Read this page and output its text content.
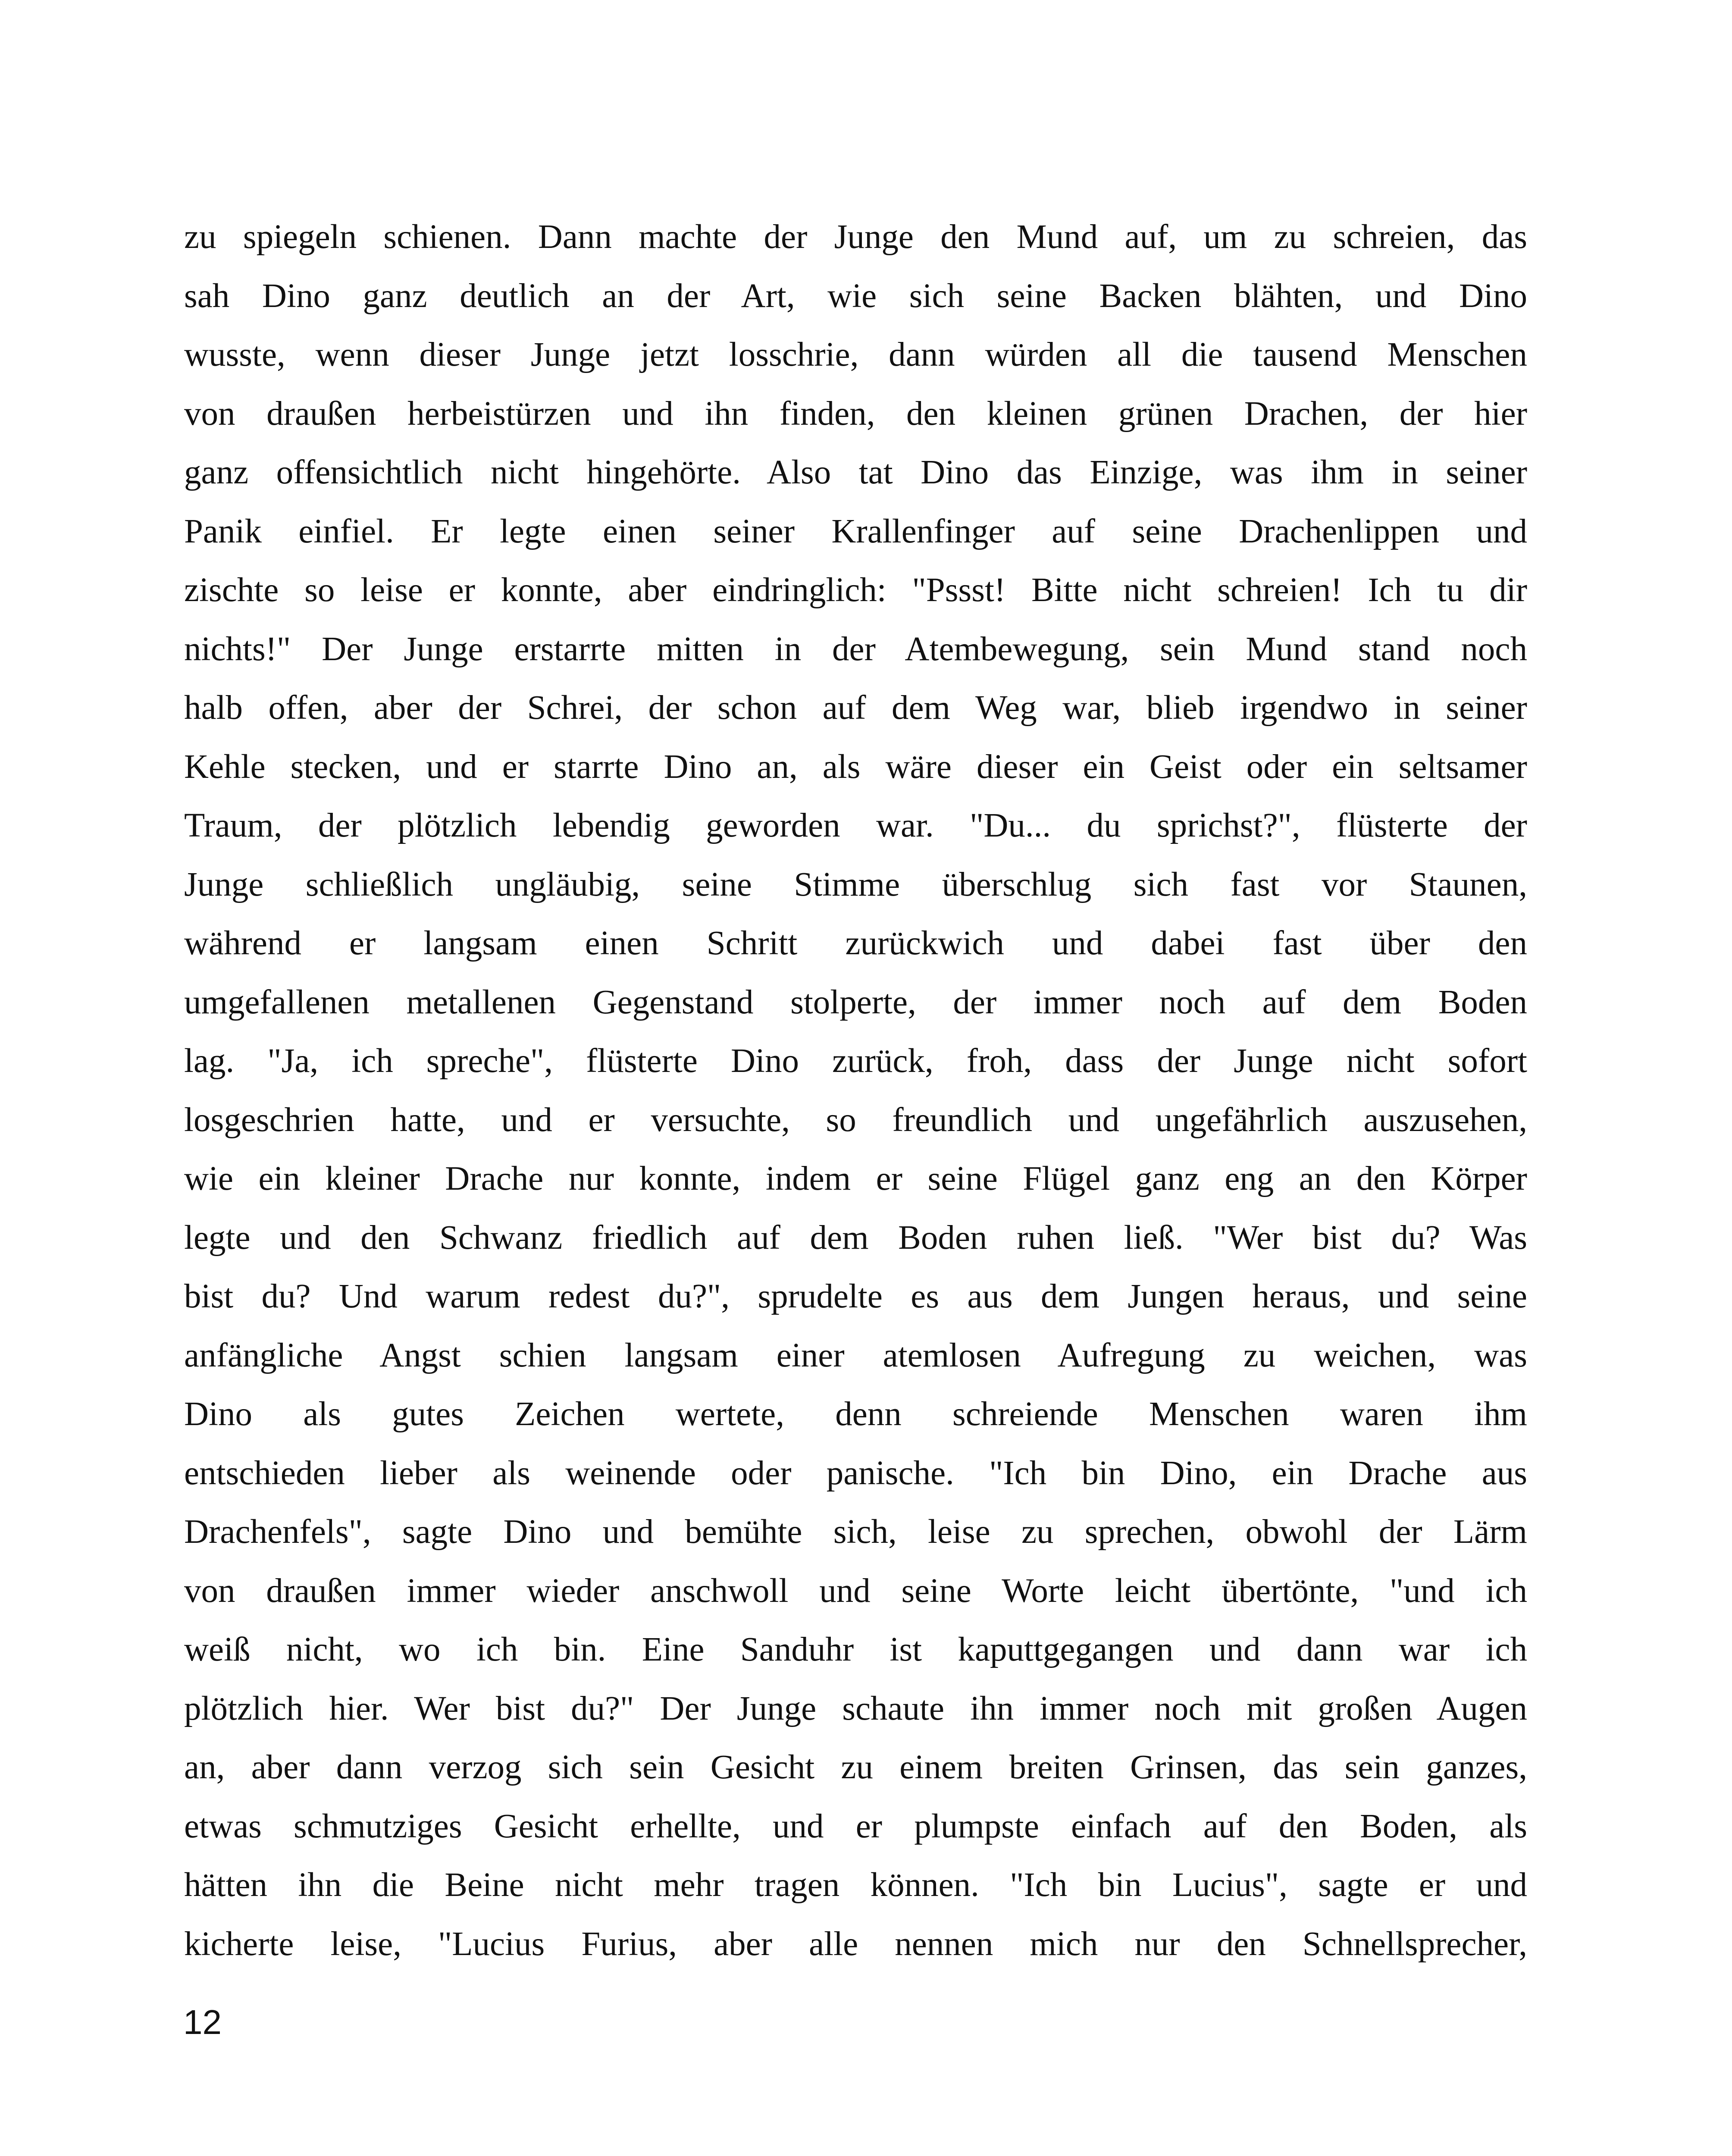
zu spiegeln schienen. Dann machte der Junge den Mund auf, um zu schreien, das
sah Dino ganz deutlich an der Art, wie sich seine Backen blähten, und Dino
wusste, wenn dieser Junge jetzt losschrie, dann würden all die tausend Menschen
von draußen herbeistürzen und ihn finden, den kleinen grünen Drachen, der hier
ganz offensichtlich nicht hingehörte. Also tat Dino das Einzige, was ihm in seiner
Panik einfiel. Er legte einen seiner Krallenfinger auf seine Drachenlippen und
zischte so leise er konnte, aber eindringlich: "Pssst! Bitte nicht schreien! Ich tu dir
nichts!" Der Junge erstarrte mitten in der Atembewegung, sein Mund stand noch
halb offen, aber der Schrei, der schon auf dem Weg war, blieb irgendwo in seiner
Kehle stecken, und er starrte Dino an, als wäre dieser ein Geist oder ein seltsamer
Traum, der plötzlich lebendig geworden war. "Du... du sprichst?", flüsterte der
Junge schließlich ungläubig, seine Stimme überschlug sich fast vor Staunen,
während er langsam einen Schritt zurückwich und dabei fast über den
umgefallenen metallenen Gegenstand stolperte, der immer noch auf dem Boden
lag. "Ja, ich spreche", flüsterte Dino zurück, froh, dass der Junge nicht sofort
losgeschrien hatte, und er versuchte, so freundlich und ungefährlich auszusehen,
wie ein kleiner Drache nur konnte, indem er seine Flügel ganz eng an den Körper
legte und den Schwanz friedlich auf dem Boden ruhen ließ. "Wer bist du? Was
bist du? Und warum redest du?", sprudelte es aus dem Jungen heraus, und seine
anfängliche Angst schien langsam einer atemlosen Aufregung zu weichen, was
Dino als gutes Zeichen wertete, denn schreiende Menschen waren ihm
entschieden lieber als weinende oder panische. "Ich bin Dino, ein Drache aus
Drachenfels", sagte Dino und bemühte sich, leise zu sprechen, obwohl der Lärm
von draußen immer wieder anschwoll und seine Worte leicht übertönte, "und ich
weiß nicht, wo ich bin. Eine Sanduhr ist kaputtgegangen und dann war ich
plötzlich hier. Wer bist du?" Der Junge schaute ihn immer noch mit großen Augen
an, aber dann verzog sich sein Gesicht zu einem breiten Grinsen, das sein ganzes,
etwas schmutziges Gesicht erhellte, und er plumpste einfach auf den Boden, als
hätten ihn die Beine nicht mehr tragen können. "Ich bin Lucius", sagte er und
kicherte leise, "Lucius Furius, aber alle nennen mich nur den Schnellsprecher,
12
